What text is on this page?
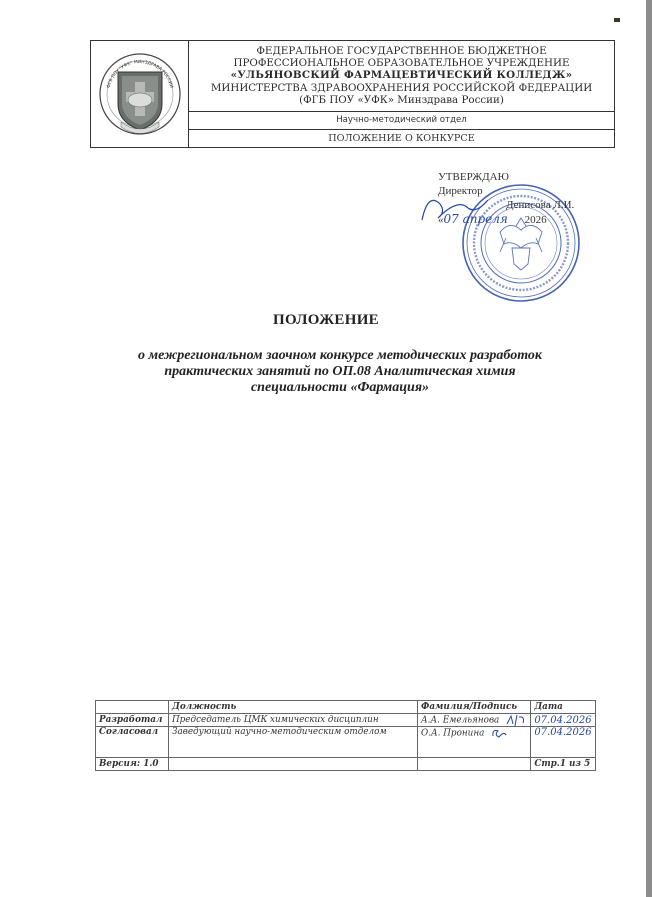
ФГБ ПОУ "УФК" МИНЗДРАВА РОССИИ
ФЕДЕРАЛЬНОЕ ГОСУДАРСТВЕННОЕ БЮДЖЕТНОЕ
ПРОФЕССИОНАЛЬНОЕ ОБРАЗОВАТЕЛЬНОЕ УЧРЕЖДЕНИЕ
«УЛЬЯНОВСКИЙ ФАРМАЦЕВТИЧЕСКИЙ КОЛЛЕДЖ»
МИНИСТЕРСТВА ЗДРАВООХРАНЕНИЯ РОССИЙСКОЙ ФЕДЕРАЦИИ
(ФГБ ПОУ «УФК» Минздрава России)
Научно-методический отдел
ПОЛОЖЕНИЕ О КОНКУРСЕ
УТВЕРЖДАЮ
Директор
Денисова Л.И.
«07 апреля 2026
ПОЛОЖЕНИЕ
о межрегиональном заочном конкурсе методических разработок
практических занятий по ОП.08 Аналитическая химия
специальности «Фармация»
	Должность	Фамилия/Подпись	Дата
Разработал	Председатель ЦМК химических дисциплин	А.А. Емельянова	07.04.2026
Согласовал	Заведующий научно-методическим отделом	О.А. Пронина	07.04.2026
Версия: 1.0			Стр.1 из 5
